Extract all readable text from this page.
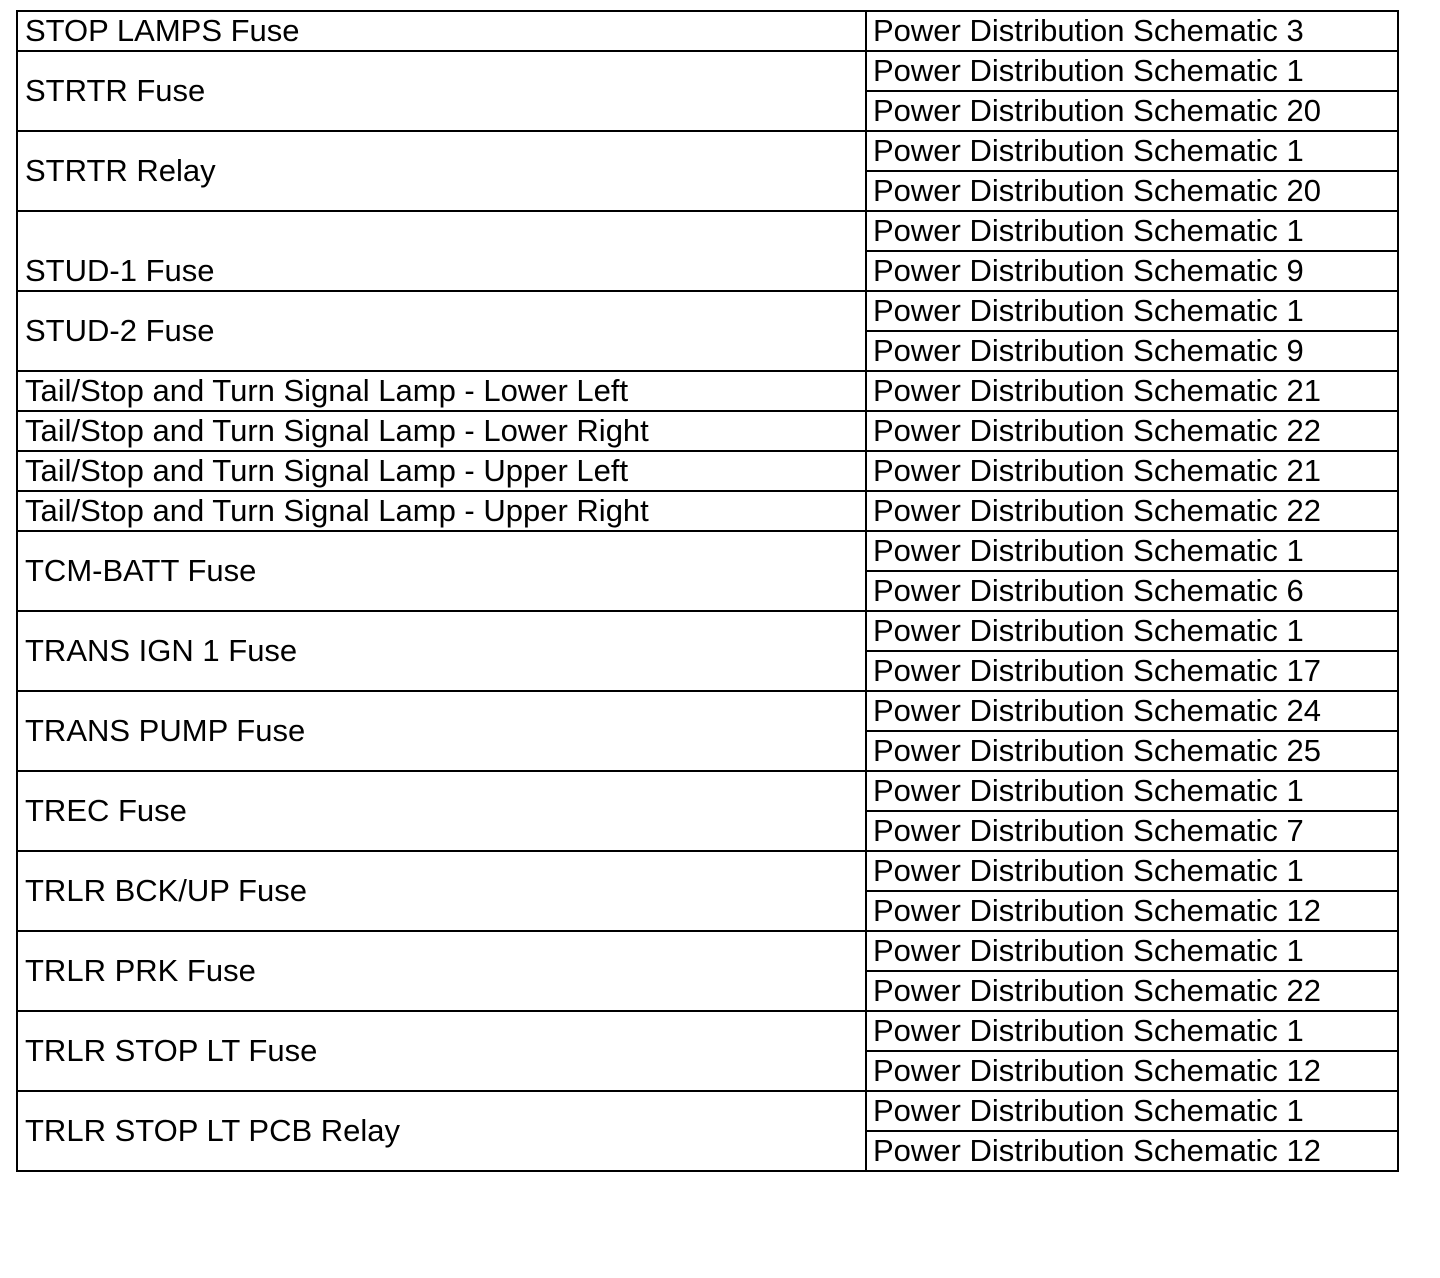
STOP LAMPS Fuse	Power Distribution Schematic 3
STRTR Fuse	Power Distribution Schematic 1
	Power Distribution Schematic 20
STRTR Relay	Power Distribution Schematic 1
	Power Distribution Schematic 20
STUD-1 Fuse	Power Distribution Schematic 1
	Power Distribution Schematic 9
STUD-2 Fuse	Power Distribution Schematic 1
	Power Distribution Schematic 9
Tail/Stop and Turn Signal Lamp - Lower Left	Power Distribution Schematic 21
Tail/Stop and Turn Signal Lamp - Lower Right	Power Distribution Schematic 22
Tail/Stop and Turn Signal Lamp - Upper Left	Power Distribution Schematic 21
Tail/Stop and Turn Signal Lamp - Upper Right	Power Distribution Schematic 22
TCM-BATT Fuse	Power Distribution Schematic 1
	Power Distribution Schematic 6
TRANS IGN 1 Fuse	Power Distribution Schematic 1
	Power Distribution Schematic 17
TRANS PUMP Fuse	Power Distribution Schematic 24
	Power Distribution Schematic 25
TREC Fuse	Power Distribution Schematic 1
	Power Distribution Schematic 7
TRLR BCK/UP Fuse	Power Distribution Schematic 1
	Power Distribution Schematic 12
TRLR PRK Fuse	Power Distribution Schematic 1
	Power Distribution Schematic 22
TRLR STOP LT Fuse	Power Distribution Schematic 1
	Power Distribution Schematic 12
TRLR STOP LT PCB Relay	Power Distribution Schematic 1
	Power Distribution Schematic 12
